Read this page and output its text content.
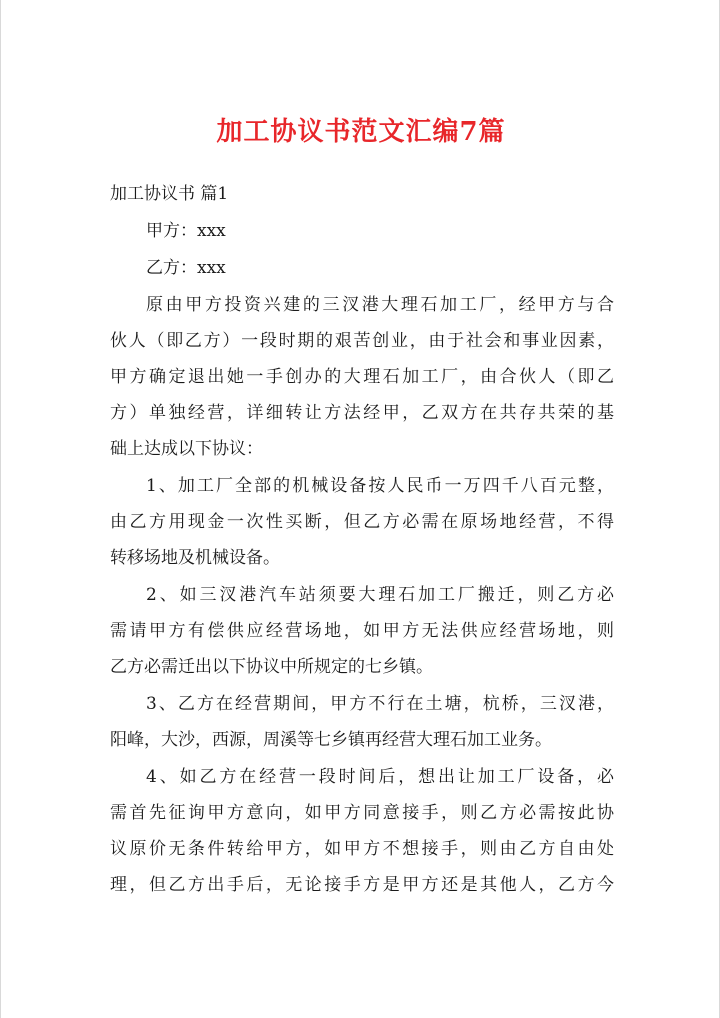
加工协议书范文汇编7篇
加工协议书 篇1
甲方：xxx
乙方：xxx
原由甲方投资兴建的三汊港大理石加工厂，经甲方与合
伙人（即乙方）一段时期的艰苦创业，由于社会和事业因素，
甲方确定退出她一手创办的大理石加工厂，由合伙人（即乙
方）单独经营，详细转让方法经甲，乙双方在共存共荣的基
础上达成以下协议：
1、加工厂全部的机械设备按人民币一万四千八百元整，
由乙方用现金一次性买断，但乙方必需在原场地经营，不得
转移场地及机械设备。
2、如三汊港汽车站须要大理石加工厂搬迁，则乙方必
需请甲方有偿供应经营场地，如甲方无法供应经营场地，则
乙方必需迁出以下协议中所规定的七乡镇。
3、乙方在经营期间，甲方不行在土塘，杭桥，三汊港，
阳峰，大沙，西源，周溪等七乡镇再经营大理石加工业务。
4、如乙方在经营一段时间后，想出让加工厂设备，必
需首先征询甲方意向，如甲方同意接手，则乙方必需按此协
议原价无条件转给甲方，如甲方不想接手，则由乙方自由处
理，但乙方出手后，无论接手方是甲方还是其他人，乙方今
